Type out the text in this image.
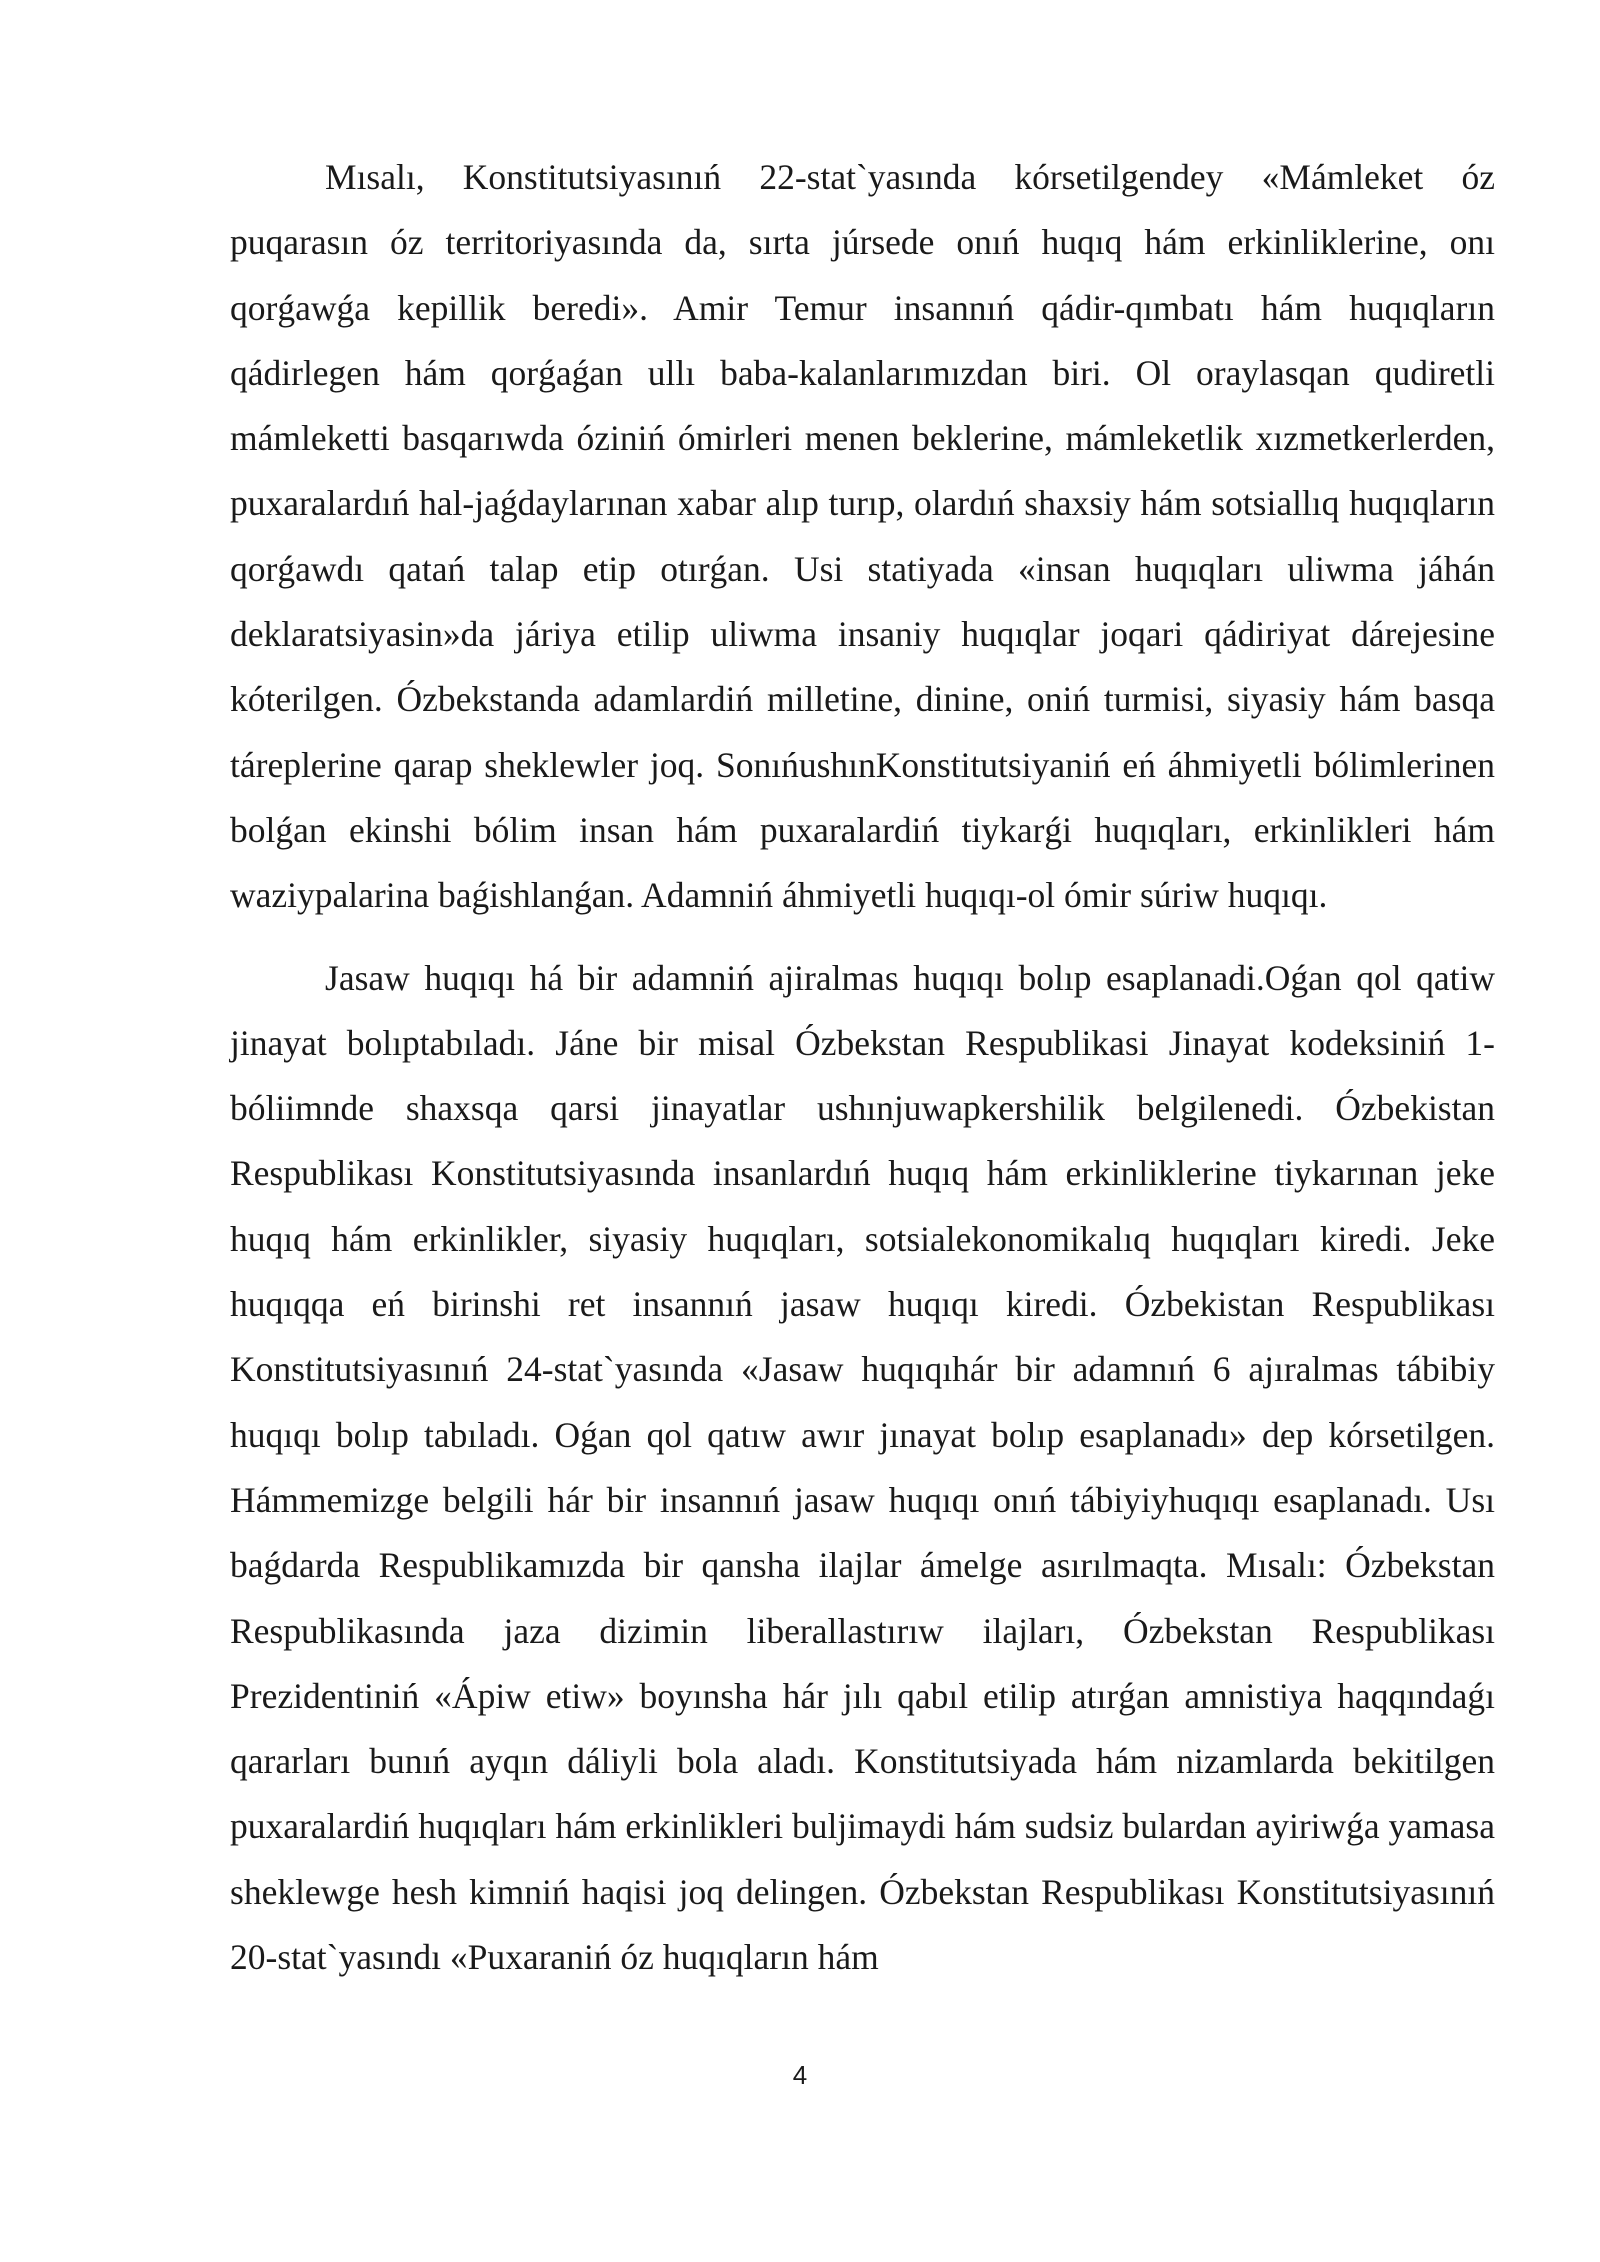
Mısalı, Konstitutsiyasınıń 22-stat`yasında kórsetilgendey «Mámleket óz puqarasın óz territoriyasında da, sırta júrsede onıń huqıq hám erkinliklerine, onı qorǵawǵa kepillik beredi». Amir Temur insannıń qádir-qımbatı hám huqıqların qádirlegen hám qorǵaǵan ullı baba-kalanlarımızdan biri. Ol oraylasqan qudiretli mámleketti basqarıwda óziniń ómirleri menen beklerine, mámleketlik xızmetkerlerden, puxaralardıń hal-jaǵdaylarınan xabar alıp turıp, olardıń shaxsiy hám sotsiallıq huqıqların qorǵawdı qatań talap etip otırǵan. Usi statiyada «insan huqıqları uliwma jáhán deklaratsiyasin»da járiya etilip uliwma insaniy huqıqlar joqari qádiriyat dárejesine kóterilgen. Ózbekstanda adamlardiń milletine, dinine, oniń turmisi, siyasiy hám basqa táreplerine qarap sheklewler joq. SonıńushınKonstitutsiyaniń eń áhmiyetli bólimlerinen bolǵan ekinshi bólim insan hám puxaralardiń tiykarǵi huqıqları, erkinlikleri hám waziypalarina baǵishlanǵan. Adamniń áhmiyetli huqıqı-ol ómir súriw huqıqı.

Jasaw huqıqı há bir adamniń ajiralmas huqıqı bolıp esaplanadi.Oǵan qol qatiw jinayat bolıptabıladı. Jáne bir misal Ózbekstan Respublikasi Jinayat kodeksiniń 1-bóliimnde shaxsqa qarsi jinayatlar ushınjuwapkershilik belgilenedi. Ózbekistan Respublikası Konstitutsiyasında insanlardıń huqıq hám erkinliklerine tiykarınan jeke huqıq hám erkinlikler, siyasiy huqıqları, sotsialekonomikalıq huqıqları kiredi. Jeke huqıqqa eń birinshi ret insannıń jasaw huqıqı kiredi. Ózbekistan Respublikası Konstitutsiyasınıń 24-stat`yasında «Jasaw huqıqıhár bir adamnıń 6 ajıralmas tábibiy huqıqı bolıp tabıladı. Oǵan qol qatıw awır jınayat bolıp esaplanadı» dep kórsetilgen. Hámmemizge belgili hár bir insannıń jasaw huqıqı onıń tábiyiyhuqıqı esaplanadı. Usı baǵdarda Respublikamızda bir qansha ilajlar ámelge asırılmaqta. Mısalı: Ózbekstan Respublikasında jaza dizimin liberallastırıw ilajları, Ózbekstan Respublikası Prezidentiniń «Ápiw etiw» boyınsha hár jılı qabıl etilip atırǵan amnistiya haqqındaǵı qararları bunıń ayqın dáliyli bola aladı. Konstitutsiyada hám nizamlarda bekitilgen puxaralardiń huqıqları hám erkinlikleri buljimaydi hám sudsiz bulardan ayiriwǵa yamasa sheklewge hesh kimniń haqisi joq delingen. Ózbekstan Respublikası Konstitutsiyasınıń 20-stat`yasındı «Puxaraniń óz huqıqların hám

4
